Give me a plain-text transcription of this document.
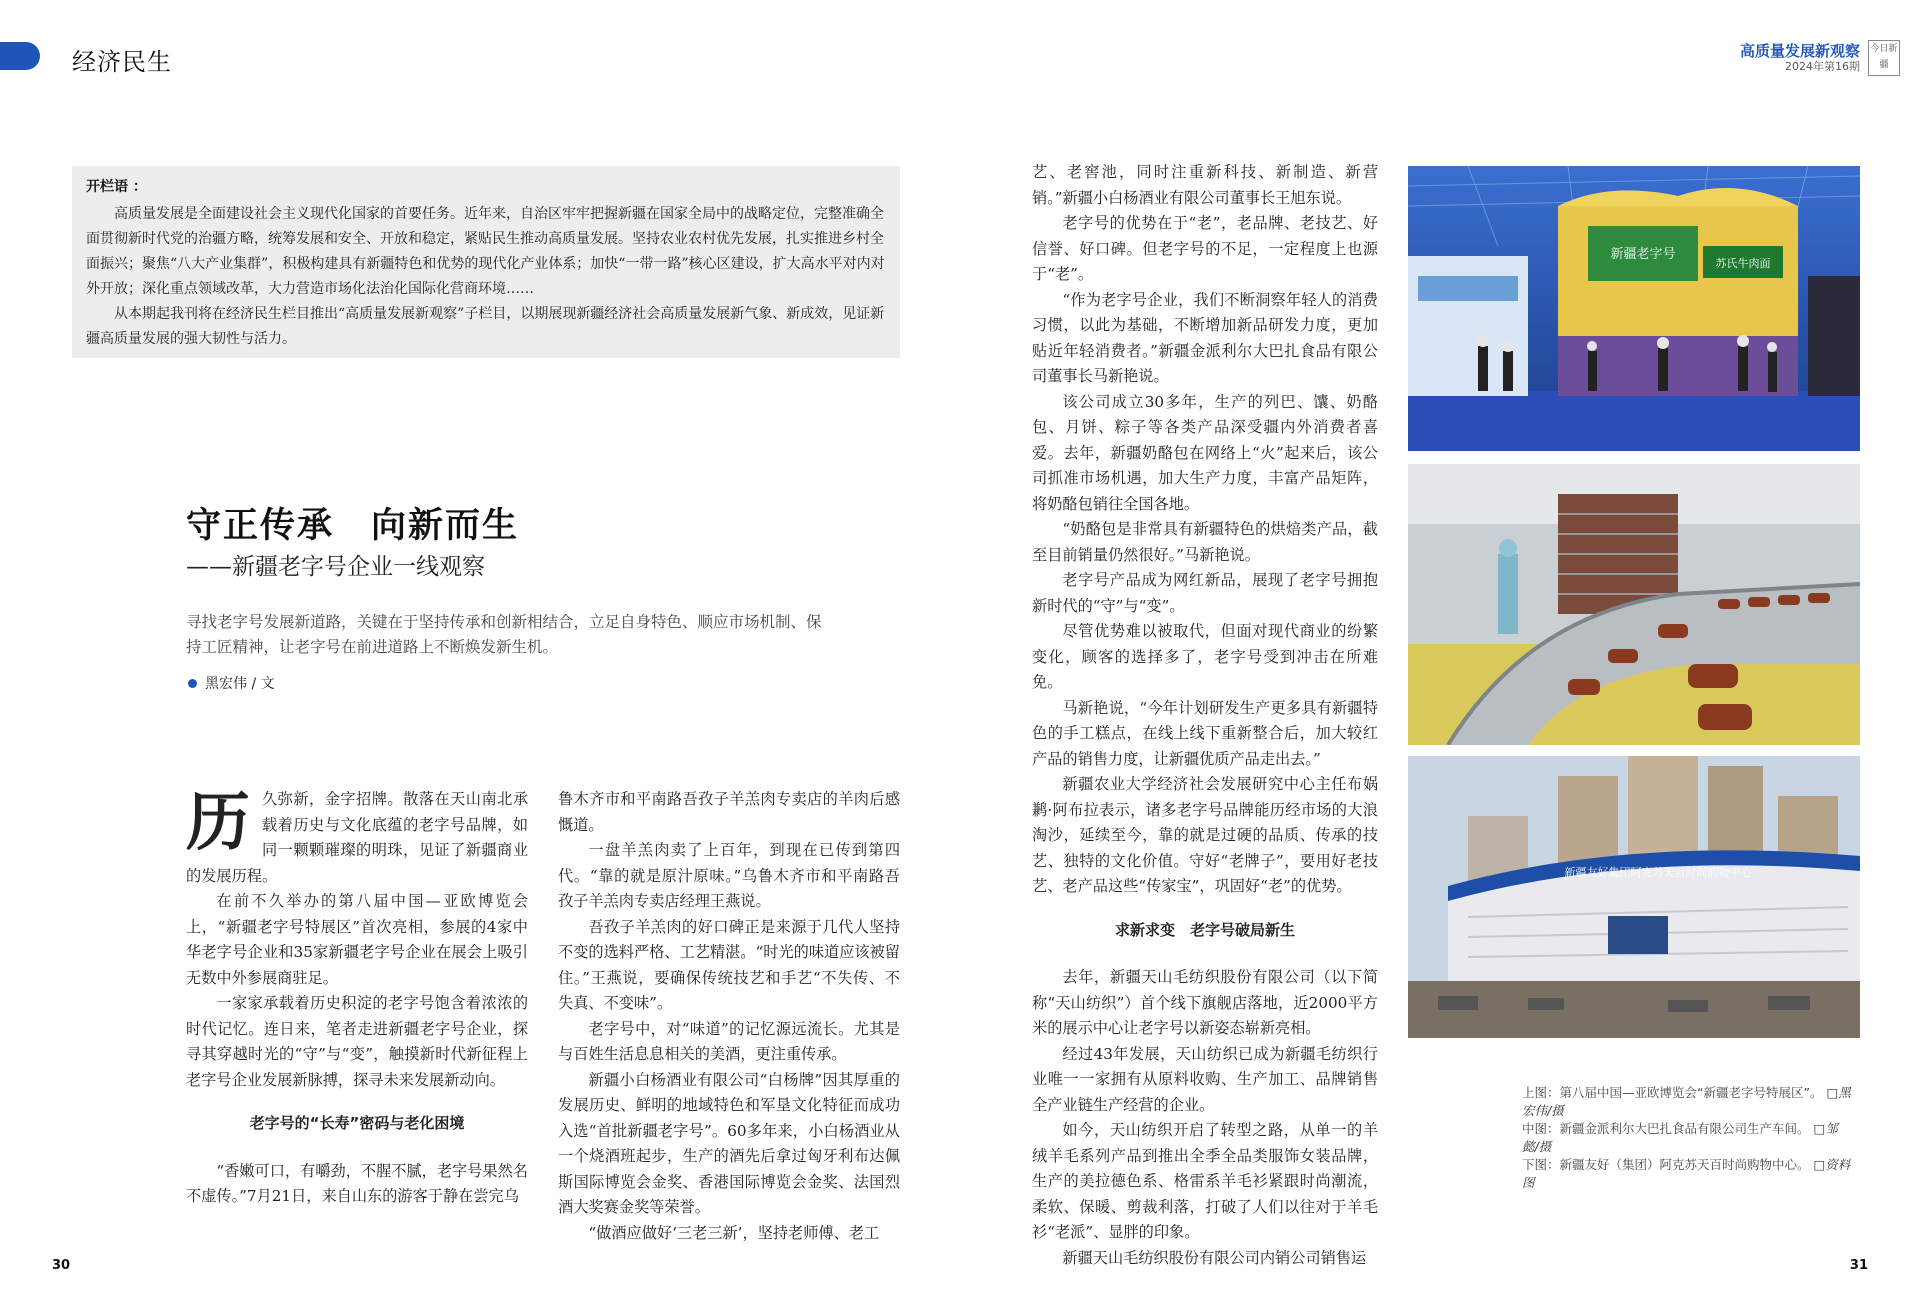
经济民生	高质量发展新观察
2024年第16期
今日新疆
开栏语 ：

高质量发展是全面建设社会主义现代化国家的首要任务。近年来，自治区牢牢把握新疆在国家全局中的战略定位，完整准确全面贯彻新时代党的治疆方略，统筹发展和安全、开放和稳定，紧贴民生推动高质量发展。坚持农业农村优先发展，扎实推进乡村全面振兴；聚焦“八大产业集群”，积极构建具有新疆特色和优势的现代化产业体系；加快“一带一路”核心区建设，扩大高水平对内对外开放；深化重点领域改革，大力营造市场化法治化国际化营商环境……

从本期起我刊将在经济民生栏目推出“高质量发展新观察”子栏目，以期展现新疆经济社会高质量发展新气象、新成效，见证新疆高质量发展的强大韧性与活力。

守正传承　向新而生
——新疆老字号企业一线观察
寻找老字号发展新道路，关键在于坚持传承和创新相结合，立足自身特色、顺应市场机制、保持工匠精神，让老字号在前进道路上不断焕发新生机。
黑宏伟 / 文

历久弥新，金字招牌。散落在天山南北承载着历史与文化底蕴的老字号品牌，如同一颗颗璀璨的明珠，见证了新疆商业的发展历程。

在前不久举办的第八届中国—亚欧博览会上，“新疆老字号特展区”首次亮相，参展的4家中华老字号企业和35家新疆老字号企业在展会上吸引无数中外参展商驻足。

一家家承载着历史积淀的老字号饱含着浓浓的时代记忆。连日来，笔者走进新疆老字号企业，探寻其穿越时光的“守”与“变”，触摸新时代新征程上老字号企业发展新脉搏，探寻未来发展新动向。

老字号的“长寿”密码与老化困境

“香嫩可口，有嚼劲，不腥不腻，老字号果然名不虚传。”7月21日，来自山东的游客于静在尝完乌

鲁木齐市和平南路吾孜子羊羔肉专卖店的羊肉后感慨道。

一盘羊羔肉卖了上百年，到现在已传到第四代。“靠的就是原汁原味。”乌鲁木齐市和平南路吾孜子羊羔肉专卖店经理王燕说。

吾孜子羊羔肉的好口碑正是来源于几代人坚持不变的选料严格、工艺精湛。“时光的味道应该被留住。”王燕说，要确保传统技艺和手艺“不失传、不失真、不变味”。

老字号中，对“味道”的记忆源远流长。尤其是与百姓生活息息相关的美酒，更注重传承。

新疆小白杨酒业有限公司“白杨牌”因其厚重的发展历史、鲜明的地域特色和军垦文化特征而成功入选“首批新疆老字号”。60多年来，小白杨酒业从一个烧酒班起步，生产的酒先后拿过匈牙利布达佩斯国际博览会金奖、香港国际博览会金奖、法国烈酒大奖赛金奖等荣誉。

“做酒应做好‘三老三新’，坚持老师傅、老工

艺、老窖池，同时注重新科技、新制造、新营销。”新疆小白杨酒业有限公司董事长王旭东说。

老字号的优势在于“老”，老品牌、老技艺、好信誉、好口碑。但老字号的不足，一定程度上也源于“老”。

“作为老字号企业，我们不断洞察年轻人的消费习惯，以此为基础，不断增加新品研发力度，更加贴近年轻消费者。”新疆金派利尔大巴扎食品有限公司董事长马新艳说。

该公司成立30多年，生产的列巴、馕、奶酪包、月饼、粽子等各类产品深受疆内外消费者喜爱。去年，新疆奶酪包在网络上“火”起来后，该公司抓准市场机遇，加大生产力度，丰富产品矩阵，将奶酪包销往全国各地。

“奶酪包是非常具有新疆特色的烘焙类产品，截至目前销量仍然很好。”马新艳说。

老字号产品成为网红新品，展现了老字号拥抱新时代的“守”与“变”。

尽管优势难以被取代，但面对现代商业的纷繁变化，顾客的选择多了，老字号受到冲击在所难免。

马新艳说，“今年计划研发生产更多具有新疆特色的手工糕点，在线上线下重新整合后，加大较红产品的销售力度，让新疆优质产品走出去。”

新疆农业大学经济社会发展研究中心主任布娲鹣·阿布拉表示，诸多老字号品牌能历经市场的大浪淘沙，延续至今，靠的就是过硬的品质、传承的技艺、独特的文化价值。守好“老牌子”，要用好老技艺、老产品这些“传家宝”，巩固好“老”的优势。

求新求变　老字号破局新生

去年，新疆天山毛纺织股份有限公司（以下简称“天山纺织”）首个线下旗舰店落地，近2000平方米的展示中心让老字号以新姿态崭新亮相。

经过43年发展，天山纺织已成为新疆毛纺织行业唯一一家拥有从原料收购、生产加工、品牌销售全产业链生产经营的企业。

如今，天山纺织开启了转型之路，从单一的羊绒羊毛系列产品到推出全季全品类服饰女装品牌，生产的美拉德色系、格雷系羊毛衫紧跟时尚潮流，柔软、保暖、剪裁利落，打破了人们以往对于羊毛衫“老派”、显胖的印象。

新疆天山毛纺织股份有限公司内销公司销售运

新疆老字号
苏氏牛肉面
新疆友好集团阿克苏天百时尚购物中心
上图：第八届中国—亚欧博览会“新疆老字号特展区”。 □黑宏伟/摄
中图：新疆金派利尔大巴扎食品有限公司生产车间。 □邹懿/摄
下图：新疆友好（集团）阿克苏天百时尚购物中心。 □资料图
30	31
